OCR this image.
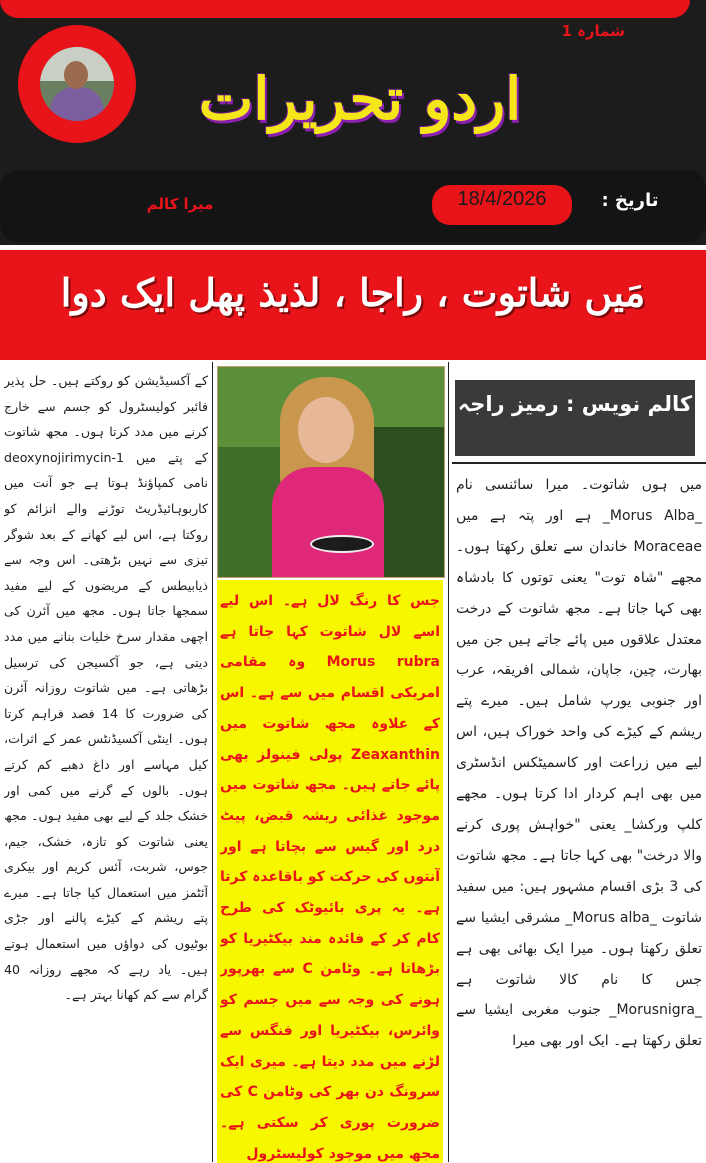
شمارہ 1
اردو تحریرات
میرا کالم	18/4/2026	تاریخ :
مَیں شاتوت ، راجا ، لذیذ پھل ایک دوا
کے آکسیڈیشن کو روکتے ہیں۔ حل پذیر فائبر کولیسٹرول کو جسم سے خارج کرنے میں مدد کرتا ہوں۔ مجھ شاتوت کے پتے میں deoxynojirimycin-1 نامی کمپاؤنڈ ہوتا ہے جو آنت میں کاربوہائیڈریٹ توڑنے والے انزائم کو روکتا ہے، اس لیے کھانے کے بعد شوگر تیزی سے نہیں بڑھتی۔ اس وجہ سے ذیابیطس کے مریضوں کے لیے مفید سمجھا جاتا ہوں۔ مجھ میں آئرن کی اچھی مقدار سرخ خلیات بنانے میں مدد دیتی ہے، جو آکسیجن کی ترسیل بڑھاتی ہے۔ میں شاتوت روزانہ آئرن کی ضرورت کا 14 فصد فراہم کرتا ہوں۔ اینٹی آکسیڈنٹس عمر کے اثرات، کیل مہاسے اور داغ دھبے کم کرتے ہوں۔ بالوں کے گرنے میں کمی اور خشک جلد کے لیے بھی مفید ہوں۔ مجھ یعنی شاتوت کو تازہ، خشک، جیم، جوس، شربت، آئس کریم اور بیکری آئٹمز میں استعمال کیا جاتا ہے۔ میرے پتے ریشم کے کیڑے پالنے اور جڑی بوٹیوں کی دواؤں میں استعمال ہوتے ہیں۔ یاد رہے کہ مجھے روزانہ 40 گرام سے کم کھانا بہتر ہے۔
جس کا رنگ لال ہے۔ اس لیے اسے لال شاتوت کہا جاتا ہے Morus rubra وہ مقامی امریکی اقسام میں سے ہے۔ اس کے علاوہ مجھ شاتوت میں Zeaxanthin پولی فینولز بھی پائے جاتے ہیں۔ مجھ شاتوت میں موجود غذائی ریشہ قبض، پیٹ درد اور گیس سے بچاتا ہے اور آنتوں کی حرکت کو باقاعدہ کرتا ہے۔ یہ پری بائیوٹک کی طرح کام کر کے فائدہ مند بیکٹیریا کو بڑھاتا ہے۔ وٹامن C سے بھرپور ہونے کی وجہ سے میں جسم کو وائرس، بیکٹیریا اور فنگس سے لڑنے میں مدد دیتا ہے۔ میری ایک سرونگ دن بھر کی وٹامن C کی ضرورت پوری کر سکتی ہے۔ مجھ میں موجود کولیسٹرول
کالم نویس : رمیز راجہ
میں ہوں شاتوت۔ میرا سائنسی نام _Morus Alba_ ہے اور پتہ ہے میں Moraceae خاندان سے تعلق رکھتا ہوں۔ مجھے "شاہ توت" یعنی توتوں کا بادشاہ بھی کہا جاتا ہے۔ مجھ شاتوت کے درخت معتدل علاقوں میں پائے جاتے ہیں جن میں بھارت، چین، جاپان، شمالی افریقہ، عرب اور جنوبی یورپ شامل ہیں۔ میرے پتے ریشم کے کیڑے کی واحد خوراک ہیں، اس لیے میں زراعت اور کاسمیٹکس انڈسٹری میں بھی اہم کردار ادا کرتا ہوں۔ مجھے کلپ ورکشا_ یعنی "خواہش پوری کرنے والا درخت" بھی کہا جاتا ہے۔ مجھ شاتوت کی 3 بڑی اقسام مشہور ہیں: میں سفید شاتوت _Morus alba_ مشرقی ایشیا سے تعلق رکھتا ہوں۔ میرا ایک بھائی بھی ہے جس کا نام کالا شاتوت ہے _Morusnigra_ جنوب مغربی ایشیا سے تعلق رکھتا ہے۔ ایک اور بھی میرا
